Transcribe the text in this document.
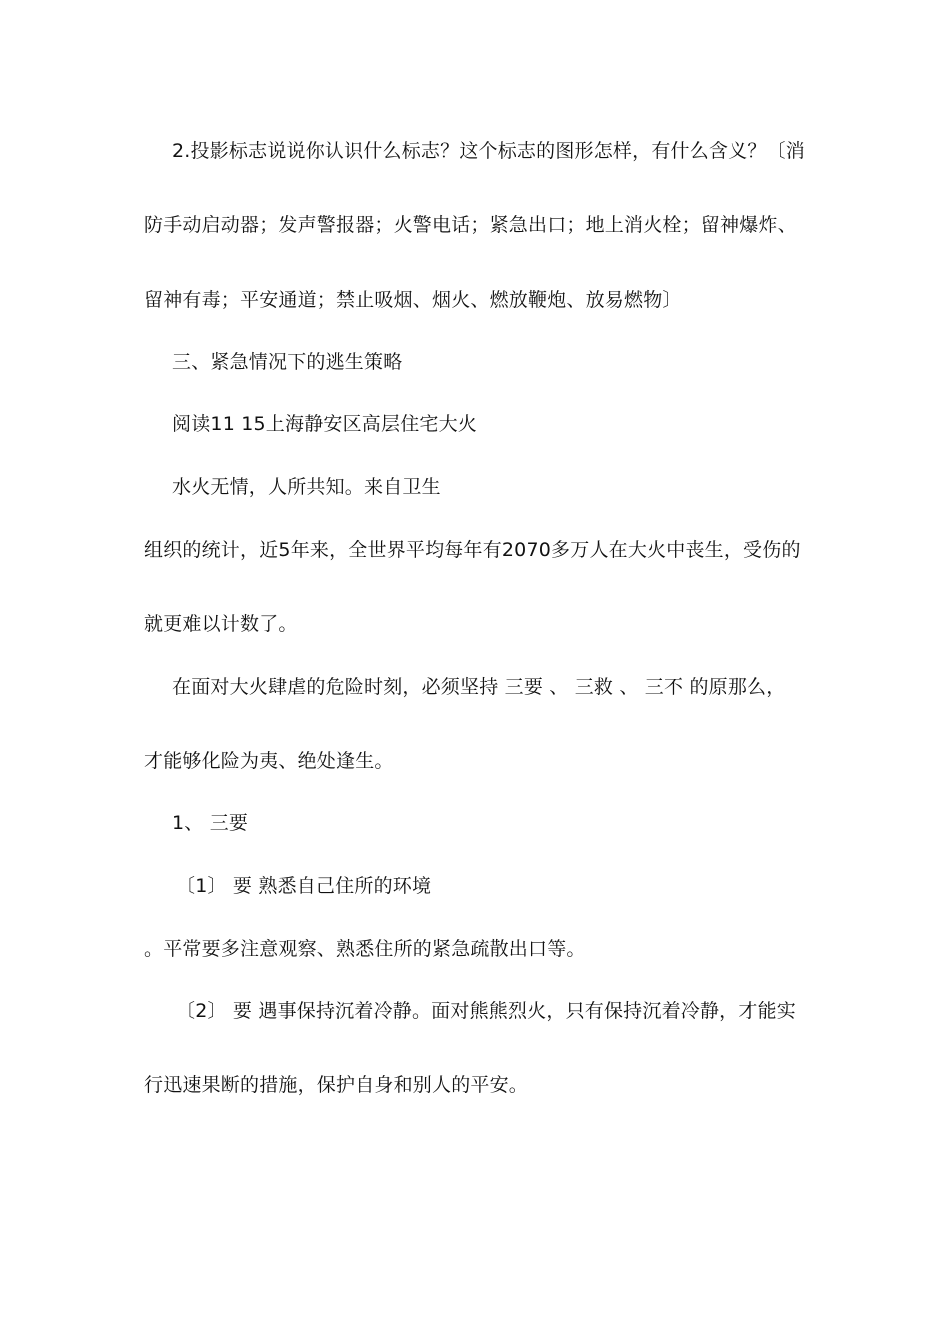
2.投影标志说说你认识什么标志？这个标志的图形怎样，有什么含义？〔消
防手动启动器；发声警报器；火警电话；紧急出口；地上消火栓；留神爆炸、
留神有毒；平安通道；禁止吸烟、烟火、燃放鞭炮、放易燃物〕
三、紧急情况下的逃生策略
阅读11 15上海静安区高层住宅大火
水火无情，人所共知。来自卫生
组织的统计，近5年来，全世界平均每年有2070多万人在大火中丧生，受伤的
就更难以计数了。
在面对大火肆虐的危险时刻，必须坚持 三要 、 三救 、 三不 的原那么，
才能够化险为夷、绝处逢生。
1、 三要
〔1〕 要 熟悉自己住所的环境
。平常要多注意观察、熟悉住所的紧急疏散出口等。
〔2〕 要 遇事保持沉着冷静。面对熊熊烈火，只有保持沉着冷静，才能实
行迅速果断的措施，保护自身和别人的平安。
